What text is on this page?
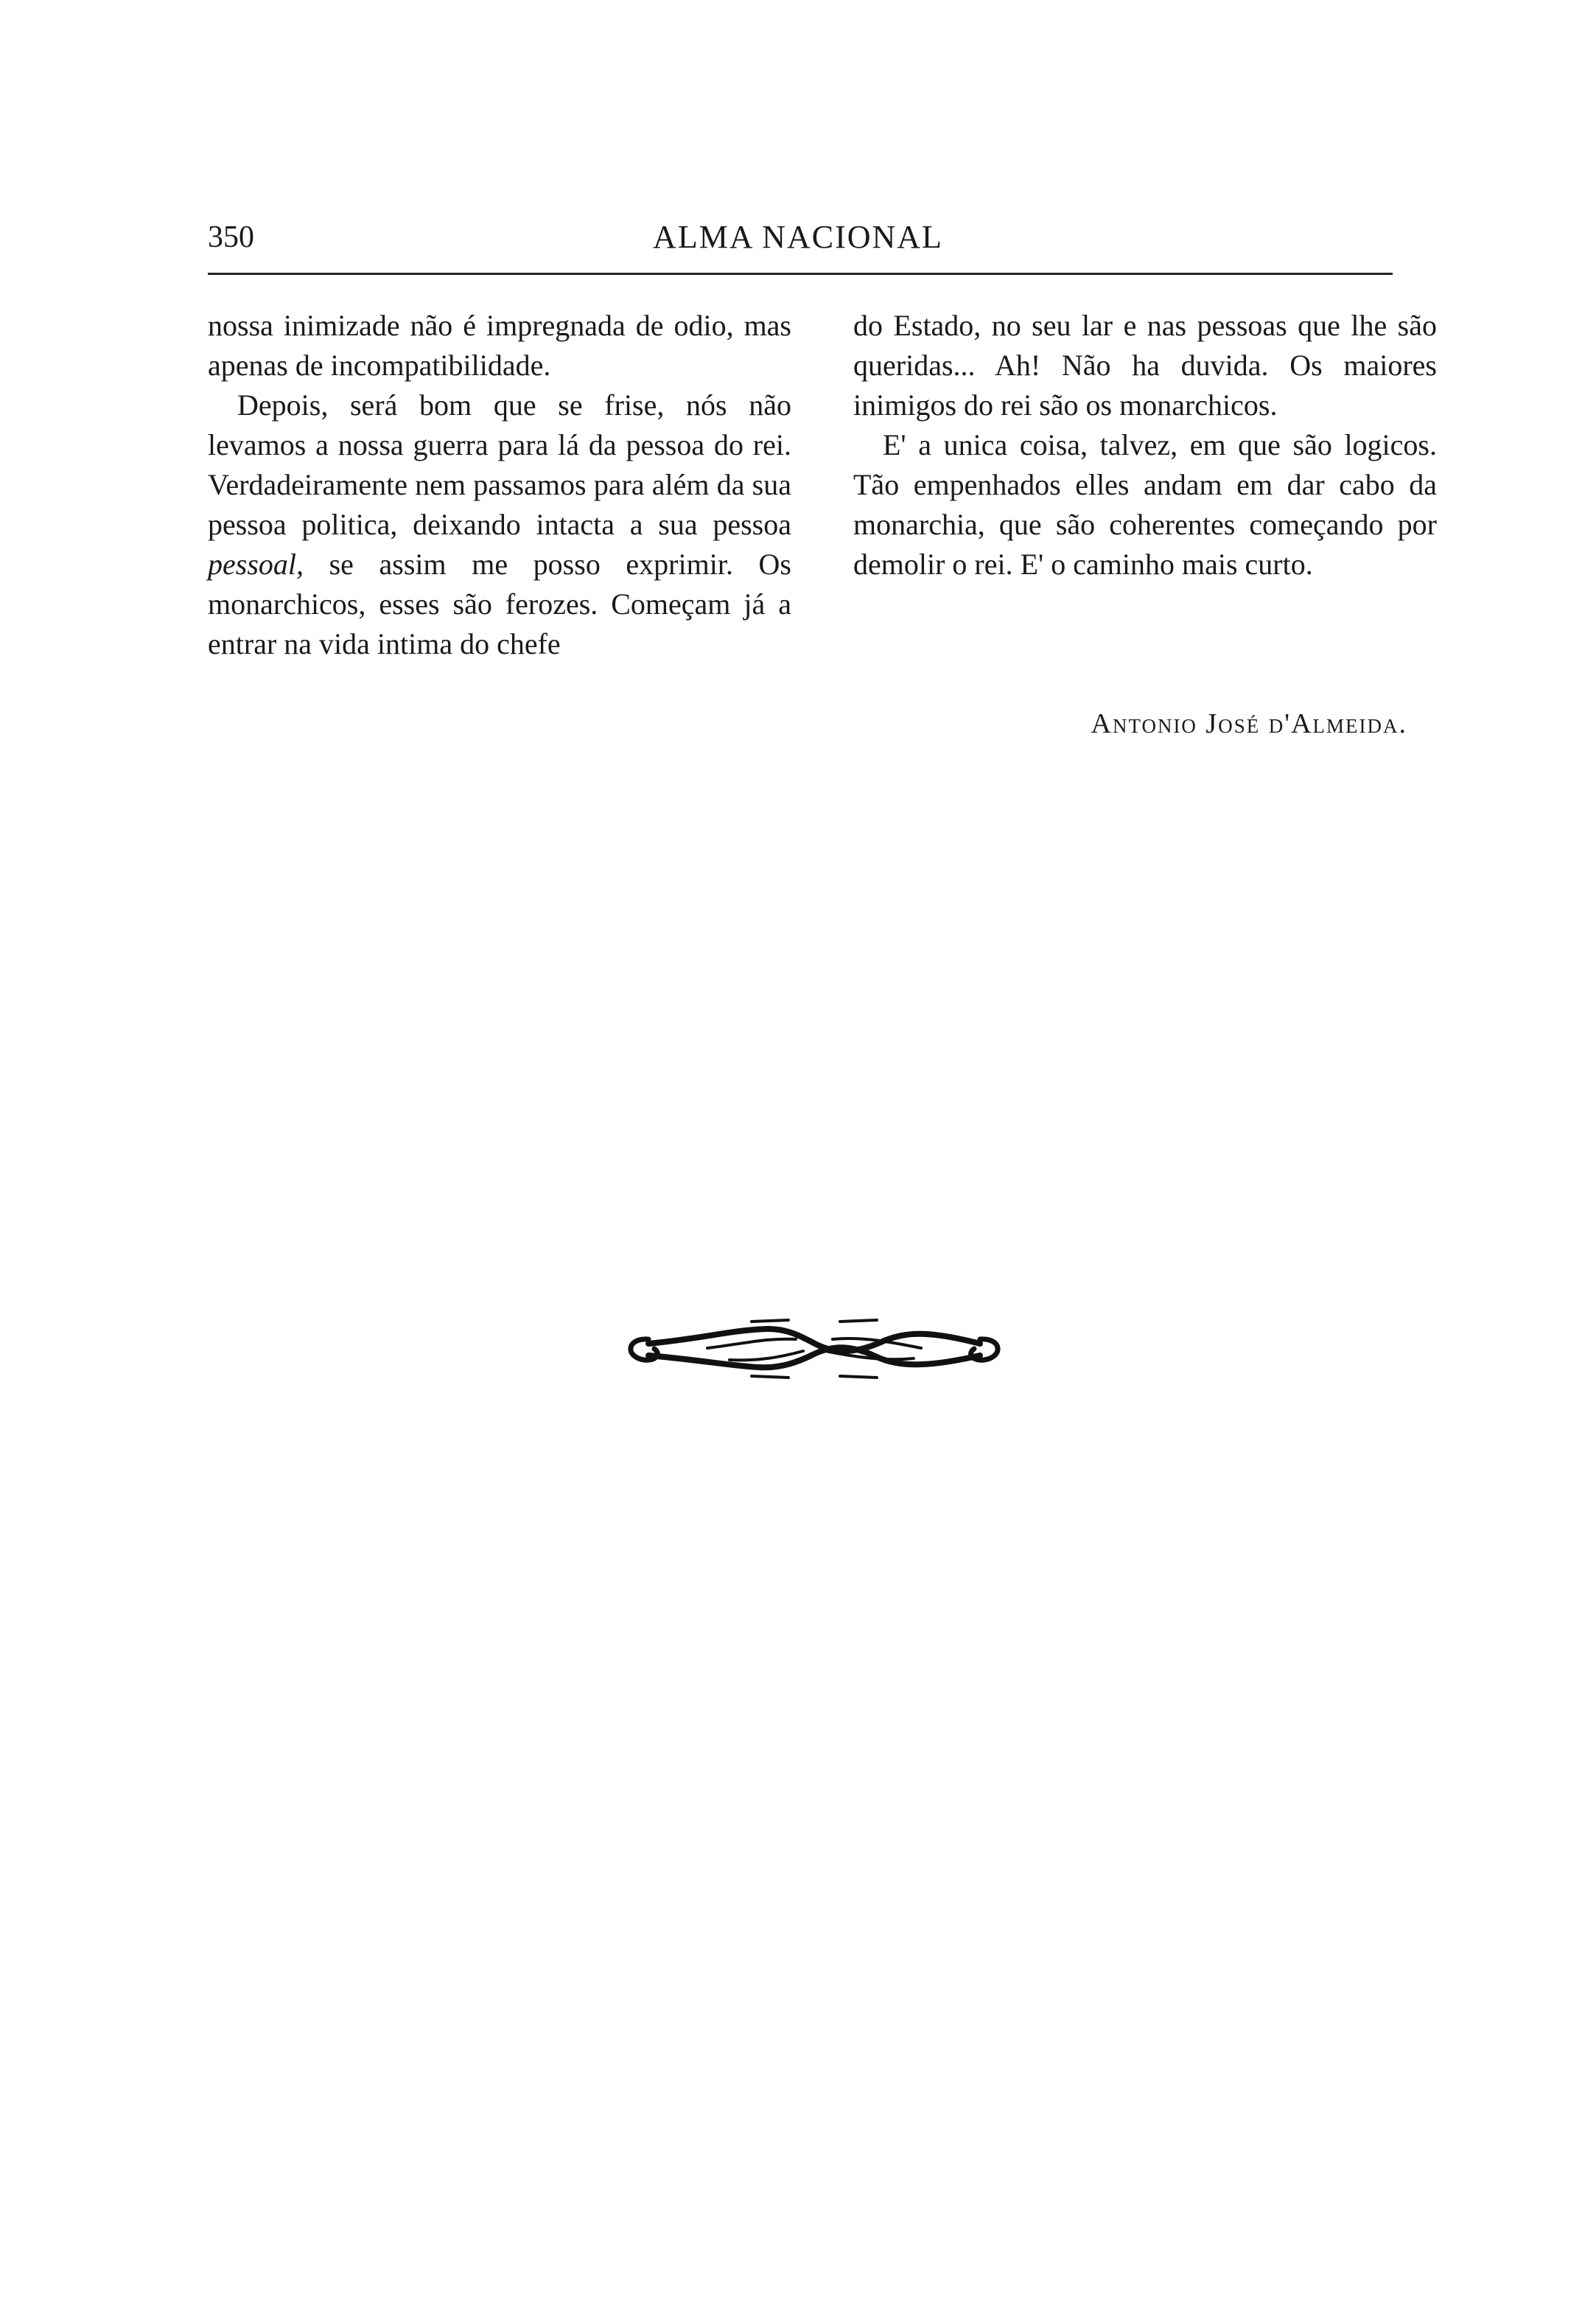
350	ALMA NACIONAL

nossa inimizade não é impregnada de odio, mas apenas de incompatibilidade.

Depois, será bom que se frise, nós não levamos a nossa guerra para lá da pessoa do rei. Verdadeiramente nem passamos para além da sua pessoa politica, deixando intacta a sua pessoa pessoal, se assim me posso exprimir. Os monarchicos, esses são ferozes. Começam já a entrar na vida intima do chefe

do Estado, no seu lar e nas pessoas que lhe são queridas... Ah! Não ha duvida. Os maiores inimigos do rei são os monarchicos.

E' a unica coisa, talvez, em que são logicos. Tão empenhados elles andam em dar cabo da monarchia, que são coherentes começando por demolir o rei. E' o caminho mais curto.

Antonio José d'Almeida.
